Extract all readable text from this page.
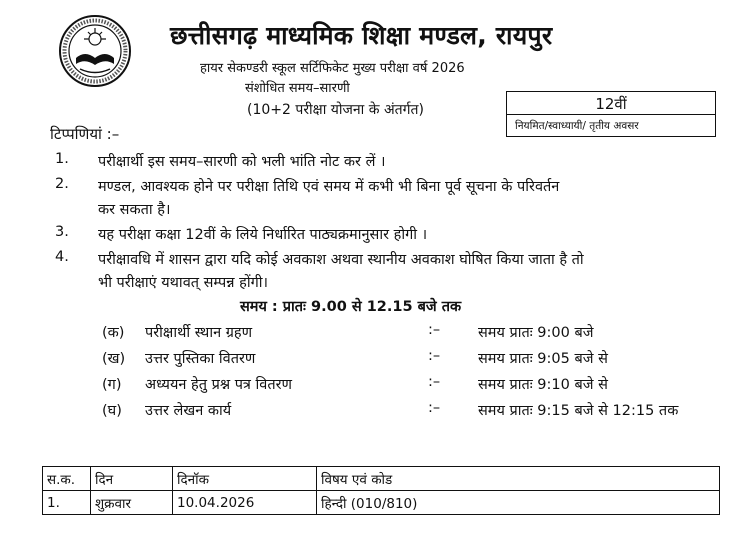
छत्तीसगढ़ माध्यमिक शिक्षा मण्डल, रायपुर
हायर सेकण्डरी स्कूल सर्टिफिकेट मुख्य परीक्षा वर्ष 2026
संशोधित समय–सारणी
(10+2 परीक्षा योजना के अंतर्गत)	12वीं
नियमित/स्वाध्यायी/ तृतीय अवसर
टिप्पणियां :–
1. परीक्षार्थी इस समय–सारणी को भली भांति नोट कर लें ।
2. मण्डल, आवश्यक होने पर परीक्षा तिथि एवं समय में कभी भी बिना पूर्व सूचना के परिवर्तन
कर सकता है।
3. यह परीक्षा कक्षा 12वीं के लिये निर्धारित पाठ्यक्रमानुसार होगी ।
4. परीक्षावधि में शासन द्वारा यदि कोई अवकाश अथवा स्थानीय अवकाश घोषित किया जाता है तो
भी परीक्षाएं यथावत् सम्पन्न होंगी।
समय : प्रातः 9.00 से 12.15 बजे तक
(क) परीक्षार्थी स्थान ग्रहण	:–	समय प्रातः 9:00 बजे
(ख) उत्तर पुस्तिका वितरण	:–	समय प्रातः 9:05 बजे से
(ग) अध्ययन हेतु प्रश्न पत्र वितरण	:–	समय प्रातः 9:10 बजे से
(घ) उत्तर लेखन कार्य	:–	समय प्रातः 9:15 बजे से 12:15 तक
स.क.	दिन	दिनॉक	विषय एवं कोड
1.	शुक्रवार	10.04.2026	हिन्दी (010/810)
